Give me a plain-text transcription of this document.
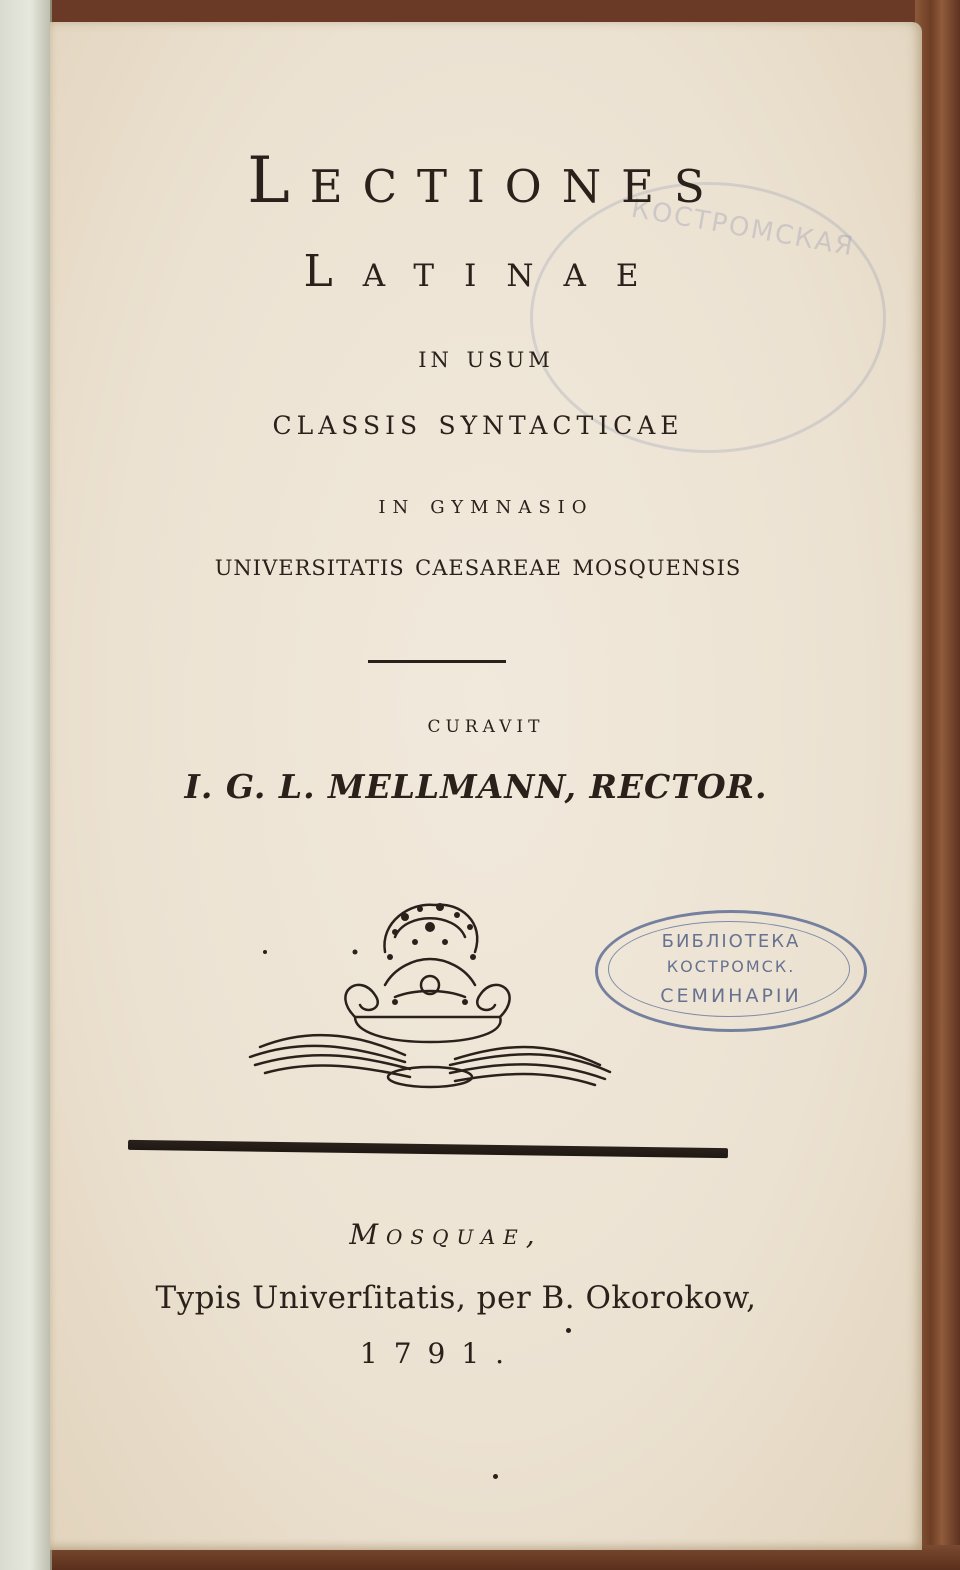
КОСТРОМСКАЯ
Lectiones
Latinae
in usum
classis syntacticae
in gymnasio
universitatis caesareae mosquensis
curavit
I. G. L. MELLMANN, RECTOR.
БИБЛІОТЕКА
КОСТРОМСК.
СЕМИНАРІИ
Mosquae,
Typis Univerſitatis, per B. Okorokow,
1791.
